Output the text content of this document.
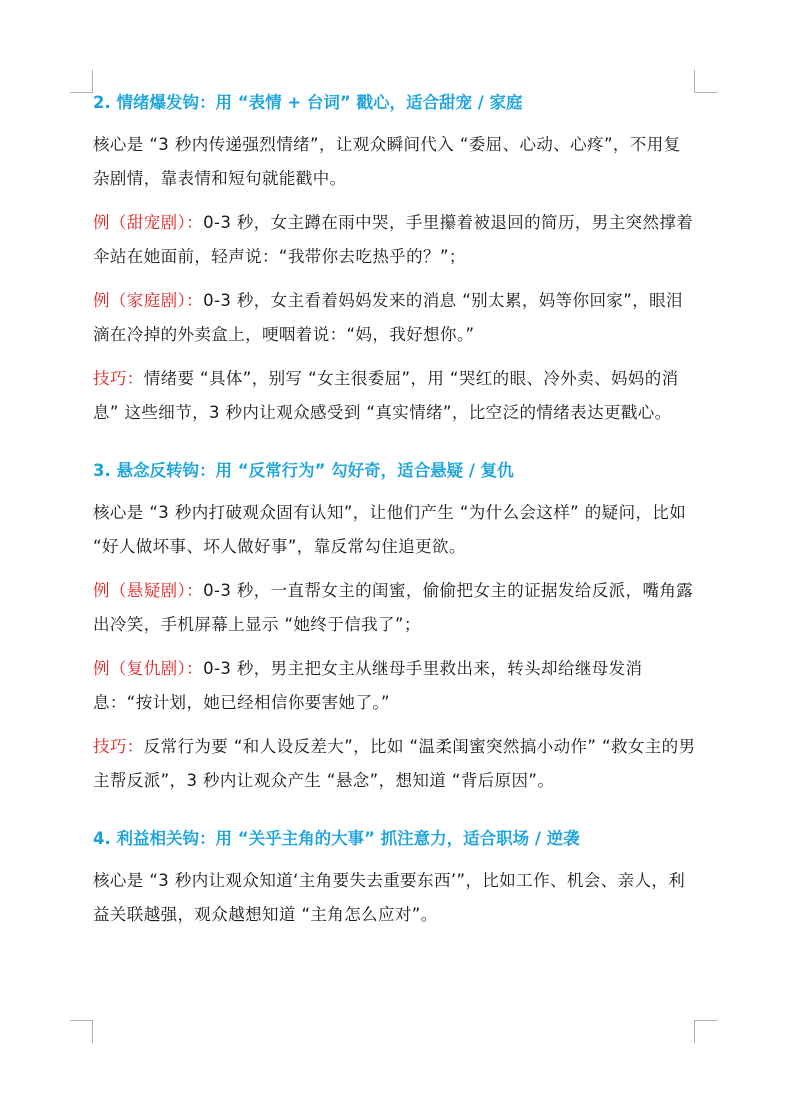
2. 情绪爆发钩：用 “表情 + 台词” 戳心，适合甜宠 / 家庭
核心是 “3 秒内传递强烈情绪”，让观众瞬间代入 “委屈、心动、心疼”，不用复杂剧情，靠表情和短句就能戳中。
例（甜宠剧）：0-3 秒，女主蹲在雨中哭，手里攥着被退回的简历，男主突然撑着伞站在她面前，轻声说：“我带你去吃热乎的？”；
例（家庭剧）：0-3 秒，女主看着妈妈发来的消息 “别太累，妈等你回家”，眼泪滴在冷掉的外卖盒上，哽咽着说：“妈，我好想你。”
技巧：情绪要 “具体”，别写 “女主很委屈”，用 “哭红的眼、冷外卖、妈妈的消息” 这些细节，3 秒内让观众感受到 “真实情绪”，比空泛的情绪表达更戳心。
3. 悬念反转钩：用 “反常行为” 勾好奇，适合悬疑 / 复仇
核心是 “3 秒内打破观众固有认知”，让他们产生 “为什么会这样” 的疑问，比如 “好人做坏事、坏人做好事”，靠反常勾住追更欲。
例（悬疑剧）：0-3 秒，一直帮女主的闺蜜，偷偷把女主的证据发给反派，嘴角露出冷笑，手机屏幕上显示 “她终于信我了”；
例（复仇剧）：0-3 秒，男主把女主从继母手里救出来，转头却给继母发消息：“按计划，她已经相信你要害她了。”
技巧：反常行为要 “和人设反差大”，比如 “温柔闺蜜突然搞小动作” “救女主的男主帮反派”，3 秒内让观众产生 “悬念”，想知道 “背后原因”。
4. 利益相关钩：用 “关乎主角的大事” 抓注意力，适合职场 / 逆袭
核心是 “3 秒内让观众知道‘主角要失去重要东西’”，比如工作、机会、亲人，利益关联越强，观众越想知道 “主角怎么应对”。
